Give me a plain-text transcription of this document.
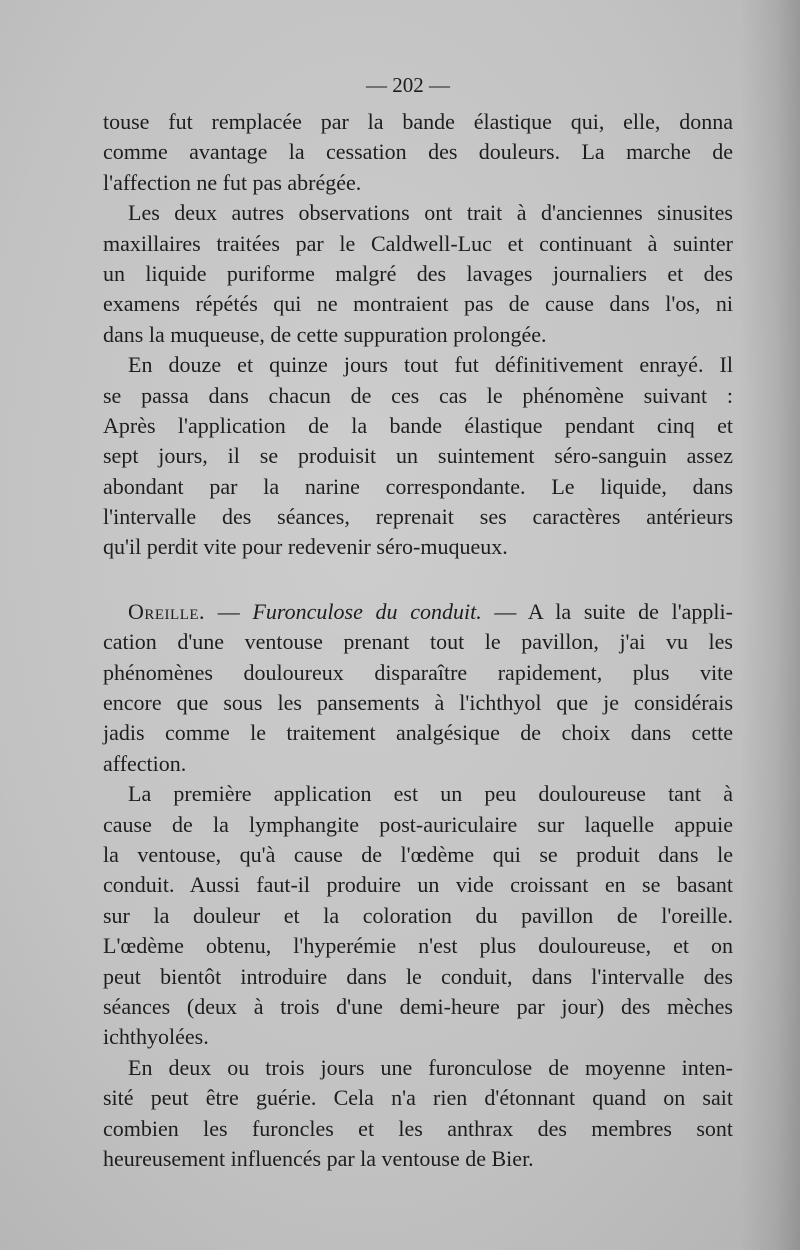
— 202 —
touse fut remplacée par la bande élastique qui, elle, donna
comme avantage la cessation des douleurs. La marche de
l'affection ne fut pas abrégée.
Les deux autres observations ont trait à d'anciennes sinusites
maxillaires traitées par le Caldwell-Luc et continuant à suinter
un liquide puriforme malgré des lavages journaliers et des
examens répétés qui ne montraient pas de cause dans l'os, ni
dans la muqueuse, de cette suppuration prolongée.
En douze et quinze jours tout fut définitivement enrayé. Il
se passa dans chacun de ces cas le phénomène suivant :
Après l'application de la bande élastique pendant cinq et
sept jours, il se produisit un suintement séro-sanguin assez
abondant par la narine correspondante. Le liquide, dans
l'intervalle des séances, reprenait ses caractères antérieurs
qu'il perdit vite pour redevenir séro-muqueux.
Oreille. — Furonculose du conduit. — A la suite de l'appli-
cation d'une ventouse prenant tout le pavillon, j'ai vu les
phénomènes douloureux disparaître rapidement, plus vite
encore que sous les pansements à l'ichthyol que je considérais
jadis comme le traitement analgésique de choix dans cette
affection.
La première application est un peu douloureuse tant à
cause de la lymphangite post-auriculaire sur laquelle appuie
la ventouse, qu'à cause de l'œdème qui se produit dans le
conduit. Aussi faut-il produire un vide croissant en se basant
sur la douleur et la coloration du pavillon de l'oreille.
L'œdème obtenu, l'hyperémie n'est plus douloureuse, et on
peut bientôt introduire dans le conduit, dans l'intervalle des
séances (deux à trois d'une demi-heure par jour) des mèches
ichthyolées.
En deux ou trois jours une furonculose de moyenne inten-
sité peut être guérie. Cela n'a rien d'étonnant quand on sait
combien les furoncles et les anthrax des membres sont
heureusement influencés par la ventouse de Bier.
